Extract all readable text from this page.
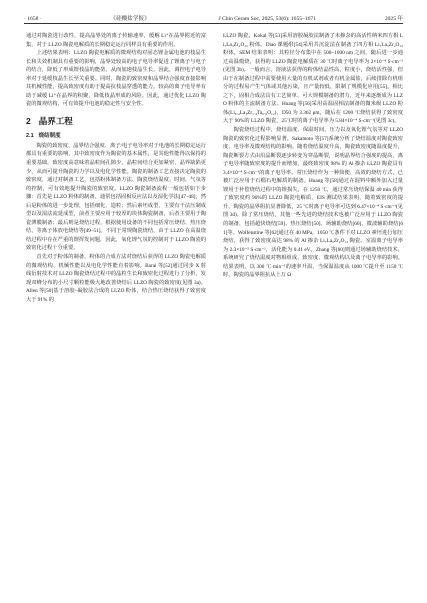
· 1658 ·	《硅酸盐学报》	J Chin Ceram Soc, 2025, 53(6): 1655–1671	2025 年

通过对陶瓷进行改性，提高晶界处的离子传输速率，缓解 Li⁺在晶界附近的富集，对于 LLZO 陶瓷电解质的长期稳定运行同样具有重要的作用。

上述结果表明：LLZO 陶瓷电解质的微观结构对固态锂金属电池的枝晶生长和失效机制具有重要的影响，晶界处较高的电子电导率促进了锂离子与电子的结合，降低了形成锂枝晶的能垒，从而加速枝晶生长。因此，调控电子电导率对于延缓枝晶生长至关重要。同时，陶瓷的致密度和晶界结合强度直接影响其机械性能，提高致密度有助于提高抗枝晶穿透的能力。较高的离子电导率有助于减缓 Li⁺在晶界的积聚，降低枝晶形成的风险。因此，通过优化 LLZO 陶瓷的微观结构，可有效提升电池的稳定性与安全性。

2 晶界工程
2.1 烧结制度

陶瓷的致密度、晶界结合强度、离子/电子电导率对于电池的长期稳定运行都具有重要的影响，其中致密度作为陶瓷的基本属性，是其他性能得以保持的重要基础，致密度高意味着晶粒间孔隙少，晶粒间结合更加紧密，晶界缺陷更少，从而可提升陶瓷的力学以及电化学性能。陶瓷的制备工艺直接决定陶瓷的致密度，通过对制备工艺，包括粉体制备方法、陶瓷烧结温度、时间、气氛等的控制，可有效地提升陶瓷的致密度。LLZO 陶瓷制备流程一般包括如下步骤：首先是 LLZO 粉体的制备，通常包括固相反应法以及湿化学法[47–48]，然后是粉体的进一步处理，包括细化、造粒；然后素坯成型，主要有干法压制成型以及湿法流延成型，前者主要应用于较厚的块体陶瓷制备，后者主要用于陶瓷薄膜制备；最后则是烧结过程，根据使用设备的不同包括常压烧结、热压烧结、等离子体放电烧结等[49–51]。不同于常规陶瓷烧结，由于 LLZO 在高温烧结过程中存在严重的锂挥发问题，因此，氧化锂气氛的控制对于 LLZO 陶瓷的致密化过程十分重要。

首先对于粉体的制备，粉体的合成方法对烧结后获得的 LLZO 陶瓷电解质的微观结构、机械性能以及电化学性能有着影响。Barai 等[52]通过同步 X 射线衍射技术对 LLZO 陶瓷烧结过程中的晶粒生长和致密化过程进行了分析，发现双峰分布的小尺寸颗粒能极大地改善烧结后 LLZO 陶瓷的致密度(见图 3a)。Allen 等[50]基于溶胶–凝胶法合成的 LLZO 粉体，结合热压烧结获得了致密度大于 91% 的

LLZO 陶瓷。Kokal 等[53]采用溶胶凝胶法制备了未掺杂的高活性纳米四方相 Li₇La₃Zr₂O₁₂ 粉体。Diao 课题组[54]采用共沉淀法在制备了四方相 Li₇La₃Zr₂O₁₂ 粉体，SEM 结果表明：其粒径分布集中在 500~1000 nm 之间，随后进一步通过高温煅烧，获得的 LLZO 陶瓷电解质在 30 ℃时离子电导率为 2×10⁻⁴ S·cm⁻¹(见图 3b)。一般而言，溶液法获得的粉体结晶性高，粒度小，烧结活性强，但由于在制备过程中需要使用大量的有机试剂或者有机金属盐，后续排除有机组分的过程易产生气体或其他污染，且产量较低，限制了规模化应用[55]。相比之下，固相合成法具有工艺简单、可大规模制备的潜力，近年来逐渐成为 LLZO 粉体的主流制备方法。Huang 等[56]采用高温固相法制备的微米级 LLZO 粉体(Li₆.₄La₃Zr₁.₄Ta₀.₆O₁₂)，D50 为 3.362 μm，随后在 1200 ℃烧结获得了致密度大于 90%的 LLZO 陶瓷，25℃时的离子电导率为 5.84×10⁻⁴ S·cm⁻¹(见图 3c)。

陶瓷烧结过程中，烧结温度、保温时间、压力以及氧化锂气氛等对 LLZO 陶瓷的致密化过程影响显著。Sakamoto 等[57]系统分析了烧结温度对陶瓷致密度、电导率及微观结构的影响。随着烧结温度升高，陶瓷致密度随温度提升，陶瓷断裂方式由沿晶断裂逐步转变为穿晶断裂，说明晶界结合强度的提高，离子电导率随致密度的提升而增加，最终致密度 98% 的 Al 掺杂 LLZO 陶瓷具有 3.4×10⁻⁴ S·cm⁻¹的离子电导率。常压烧结作为一种简便、高效的烧结方式，已被广泛应用于石榴石电解质的制备。Huang 等[58]通过在混料中额外加入过量锂用于补偿烧结过程中的锂损失，在 1250 ℃，通过常压烧结保温 40 min 获得了致密度约 96%的 LLZO 陶瓷电解质，EIS 测试结果表明，随着致密度的提升，陶瓷的晶界阻抗显著降低，25 ℃时离子电导率可达到 6.47×10⁻⁴ S·cm⁻¹(见图 3d)。除了常压烧结，其他一些先进的烧结技术也被广泛应用于 LLZO 陶瓷的制备，包括超快烧结[59]、热压烧结[50]、场辅助烧结[60]、微波辅助烧结[61]等。Wolfenstine 等[62]通过在 40 MPa，1050 ℃条件下对 LLZO 素坯进行加压烧结，获得了致密度高达 98% 的 Al 掺杂 Li₇La₃Zr₂O₁₂ 陶瓷。室温离子电导率为 2.3×10⁻⁵ S·cm⁻¹，活化能为 0.41 eV。Zhang 等[60]则通过场辅助烧结技术，系统研究了烧结温度对物相组成、致密度、微观结构以及离子电导率的影响。结果表明，以 300 ℃·min⁻¹的速率升温，当保温温度从 1000 ℃提升至 1150 ℃时，陶瓷的晶界阻抗从上万 Ω
